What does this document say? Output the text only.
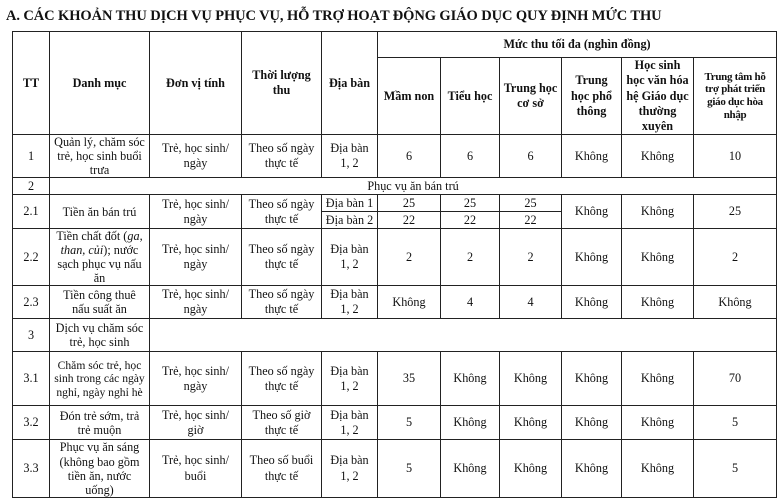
A. CÁC KHOẢN THU DỊCH VỤ PHỤC VỤ, HỖ TRỢ HOẠT ĐỘNG GIÁO DỤC QUY ĐỊNH MỨC THU
TT	Danh mục	Đơn vị tính	Thời lượng thu	Địa bàn	Mức thu tối đa (nghìn đồng)					
					Mầm non	Tiểu học	Trung học cơ sở	Trung học phổ thông	Học sinh học văn hóa hệ Giáo dục thường xuyên	Trung tâm hỗ trợ phát triển giáo dục hòa nhập
1	Quản lý, chăm sóc trẻ, học sinh buổi trưa	Trẻ, học sinh/ ngày	Theo số ngày thực tế	Địa bàn 1, 2	6	6	6	Không	Không	10
2	Phục vụ ăn bán trú									
2.1	Tiền ăn bán trú	Trẻ, học sinh/ ngày	Theo số ngày thực tế	Địa bàn 1	25	25	25	Không	Không	25
				Địa bàn 2	22	22	22			
2.2	Tiền chất đốt (ga, than, củi); nước sạch phục vụ nấu ăn	Trẻ, học sinh/ ngày	Theo số ngày thực tế	Địa bàn 1, 2	2	2	2	Không	Không	2
2.3	Tiền công thuê nấu suất ăn	Trẻ, học sinh/ ngày	Theo số ngày thực tế	Địa bàn 1, 2	Không	4	4	Không	Không	Không
3	Dịch vụ chăm sóc trẻ, học sinh									
3.1	Chăm sóc trẻ, học sinh trong các ngày nghỉ, ngày nghỉ hè	Trẻ, học sinh/ ngày	Theo số ngày thực tế	Địa bàn 1, 2	35	Không	Không	Không	Không	70
3.2	Đón trẻ sớm, trả trẻ muộn	Trẻ, học sinh/ giờ	Theo số giờ thực tế	Địa bàn 1, 2	5	Không	Không	Không	Không	5
3.3	Phục vụ ăn sáng (không bao gồm tiền ăn, nước uống)	Trẻ, học sinh/ buổi	Theo số buổi thực tế	Địa bàn 1, 2	5	Không	Không	Không	Không	5
